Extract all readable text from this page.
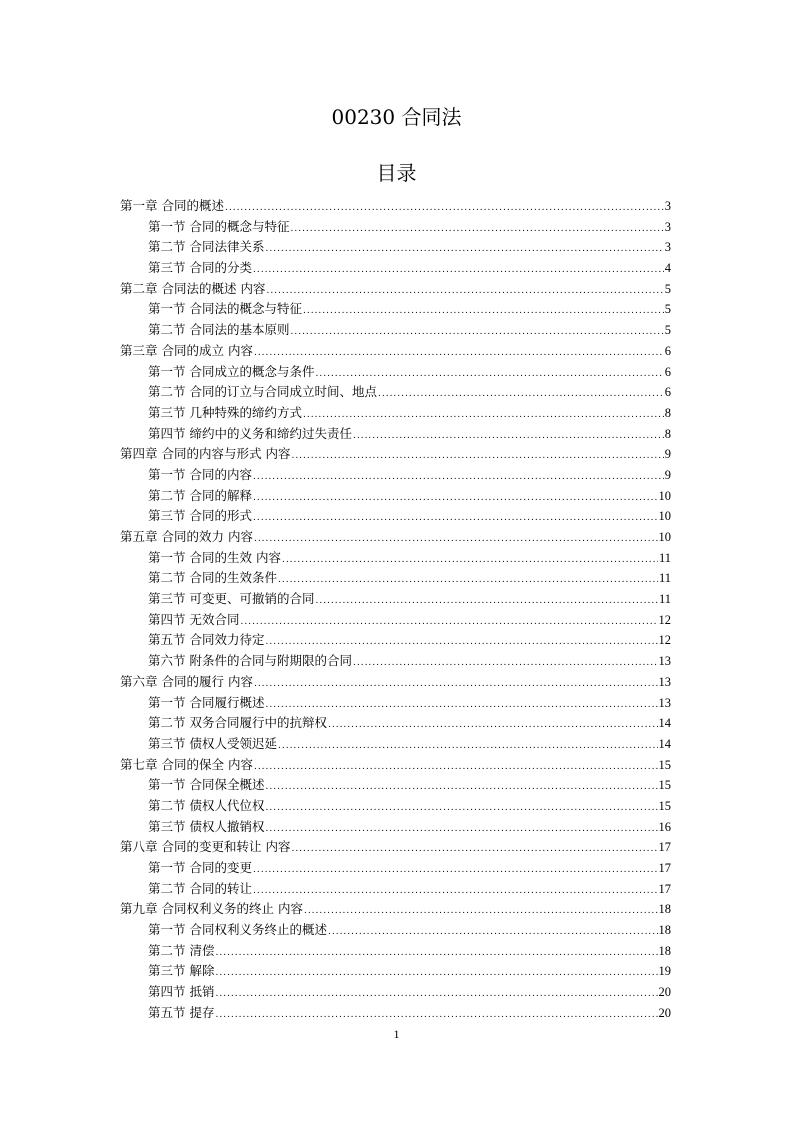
00230 合同法
目录
第一章 合同的概述 .....	3
第一节 合同的概念与特征 .....	3
第二节 合同法律关系 .....	3
第三节 合同的分类 .....	4
第二章 合同法的概述 内容 .....	5
第一节 合同法的概念与特征 .....	5
第二节 合同法的基本原则 .....	5
第三章 合同的成立 内容 .....	6
第一节 合同成立的概念与条件 .....	6
第二节 合同的订立与合同成立时间、地点 .....	6
第三节 几种特殊的缔约方式 .....	8
第四节 缔约中的义务和缔约过失责任 .....	8
第四章 合同的内容与形式 内容 .....	9
第一节 合同的内容 .....	9
第二节 合同的解释 .....	10
第三节 合同的形式 .....	10
第五章 合同的效力 内容 .....	10
第一节 合同的生效 内容 .....	11
第二节 合同的生效条件 .....	11
第三节 可变更、可撤销的合同 .....	11
第四节 无效合同 .....	12
第五节 合同效力待定 .....	12
第六节 附条件的合同与附期限的合同 .....	13
第六章 合同的履行 内容 .....	13
第一节 合同履行概述 .....	13
第二节 双务合同履行中的抗辩权 .....	14
第三节 债权人受领迟延 .....	14
第七章 合同的保全 内容 .....	15
第一节 合同保全概述 .....	15
第二节 债权人代位权 .....	15
第三节 债权人撤销权 .....	16
第八章 合同的变更和转让 内容 .....	17
第一节 合同的变更 .....	17
第二节 合同的转让 .....	17
第九章 合同权利义务的终止 内容 .....	18
第一节 合同权利义务终止的概述 .....	18
第二节 清偿 .....	18
第三节 解除 .....	19
第四节 抵销 .....	20
第五节 提存 .....	20
1
